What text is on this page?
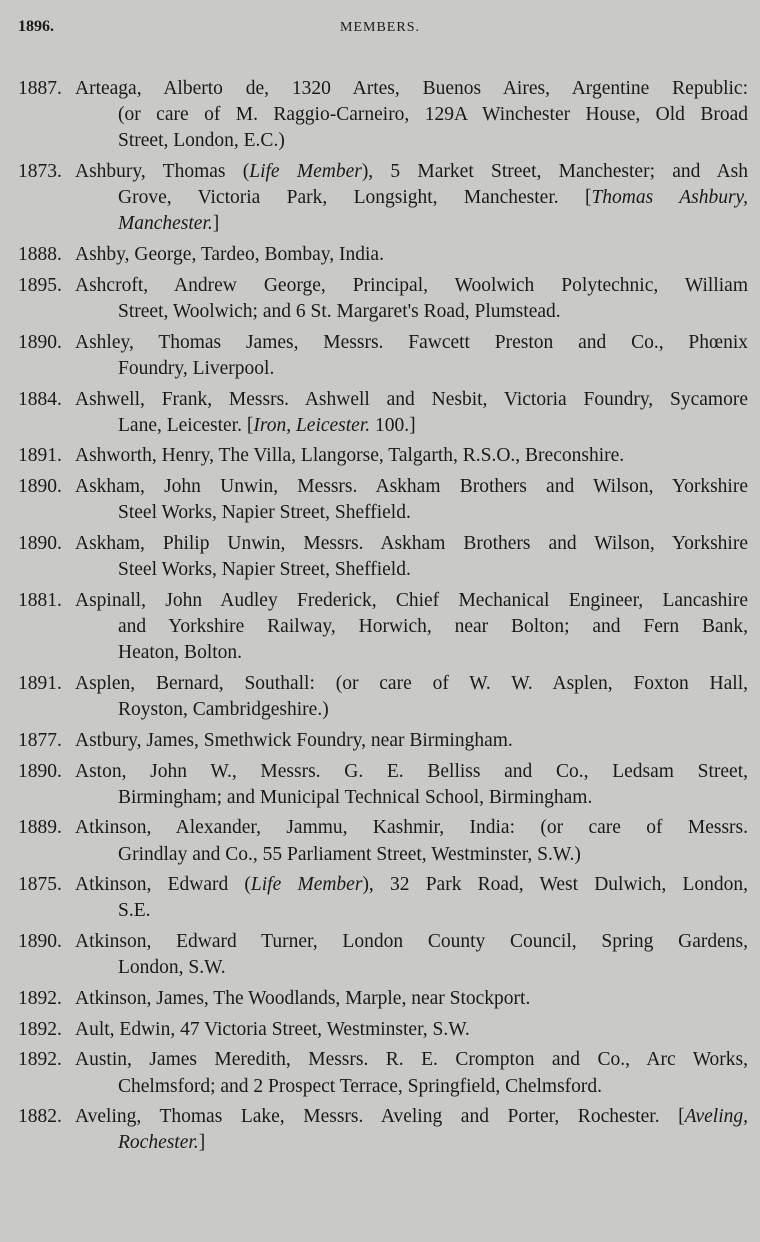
1896.	MEMBERS.
1887. Arteaga, Alberto de, 1320 Artes, Buenos Aires, Argentine Republic:
(or care of M. Raggio-Carneiro, 129A Winchester House, Old Broad
Street, London, E.C.)
1873. Ashbury, Thomas (Life Member), 5 Market Street, Manchester; and Ash
Grove, Victoria Park, Longsight, Manchester. [Thomas Ashbury,
Manchester.]
1888. Ashby, George, Tardeo, Bombay, India.
1895. Ashcroft, Andrew George, Principal, Woolwich Polytechnic, William
Street, Woolwich; and 6 St. Margaret's Road, Plumstead.
1890. Ashley, Thomas James, Messrs. Fawcett Preston and Co., Phœnix
Foundry, Liverpool.
1884. Ashwell, Frank, Messrs. Ashwell and Nesbit, Victoria Foundry, Sycamore
Lane, Leicester. [Iron, Leicester. 100.]
1891. Ashworth, Henry, The Villa, Llangorse, Talgarth, R.S.O., Breconshire.
1890. Askham, John Unwin, Messrs. Askham Brothers and Wilson, Yorkshire
Steel Works, Napier Street, Sheffield.
1890. Askham, Philip Unwin, Messrs. Askham Brothers and Wilson, Yorkshire
Steel Works, Napier Street, Sheffield.
1881. Aspinall, John Audley Frederick, Chief Mechanical Engineer, Lancashire
and Yorkshire Railway, Horwich, near Bolton; and Fern Bank,
Heaton, Bolton.
1891. Asplen, Bernard, Southall: (or care of W. W. Asplen, Foxton Hall,
Royston, Cambridgeshire.)
1877. Astbury, James, Smethwick Foundry, near Birmingham.
1890. Aston, John W., Messrs. G. E. Belliss and Co., Ledsam Street,
Birmingham; and Municipal Technical School, Birmingham.
1889. Atkinson, Alexander, Jammu, Kashmir, India: (or care of Messrs.
Grindlay and Co., 55 Parliament Street, Westminster, S.W.)
1875. Atkinson, Edward (Life Member), 32 Park Road, West Dulwich, London,
S.E.
1890. Atkinson, Edward Turner, London County Council, Spring Gardens,
London, S.W.
1892. Atkinson, James, The Woodlands, Marple, near Stockport.
1892. Ault, Edwin, 47 Victoria Street, Westminster, S.W.
1892. Austin, James Meredith, Messrs. R. E. Crompton and Co., Arc Works,
Chelmsford; and 2 Prospect Terrace, Springfield, Chelmsford.
1882. Aveling, Thomas Lake, Messrs. Aveling and Porter, Rochester. [Aveling,
Rochester.]
